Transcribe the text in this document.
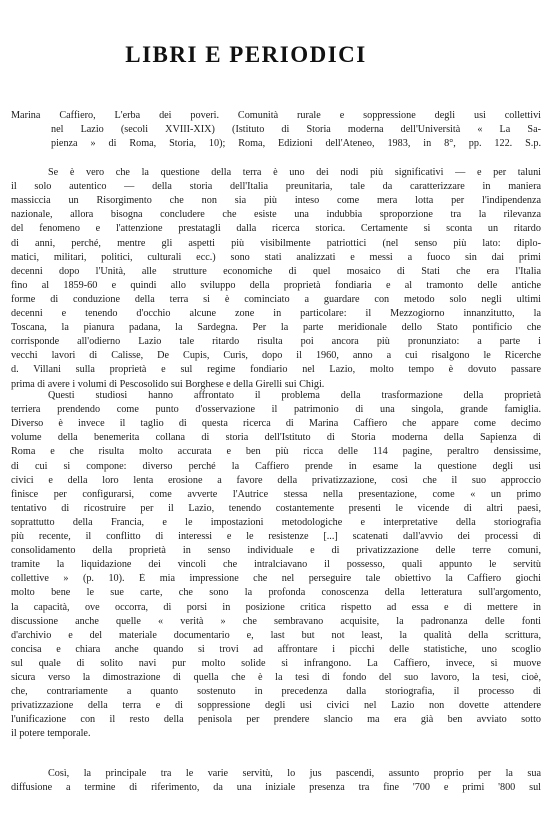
LIBRI E PERIODICI
Marina Caffiero, L'erba dei poveri. Comunità rurale e soppressione degli usi collettivi
nel Lazio (secoli XVIII-XIX) (Istituto di Storia moderna dell'Università « La Sa-
pienza » di Roma, Storia, 10); Roma, Edizioni dell'Ateneo, 1983, in 8°, pp. 122. S.p.
Se è vero che la questione della terra è uno dei nodi più significativi — e per taluni
il solo autentico — della storia dell'Italia preunitaria, tale da caratterizzare in maniera
massiccia un Risorgimento che non sia più inteso come mera lotta per l'indipendenza
nazionale, allora bisogna concludere che esiste una indubbia sproporzione tra la rilevanza
del fenomeno e l'attenzione prestatagli dalla ricerca storica. Certamente si sconta un ritardo
di anni, perché, mentre gli aspetti più visibilmente patriottici (nel senso più lato: diplo-
matici, militari, politici, culturali ecc.) sono stati analizzati e messi a fuoco sin dai primi
decenni dopo l'Unità, alle strutture economiche di quel mosaico di Stati che era l'Italia
fino al 1859-60 e quindi allo sviluppo della proprietà fondiaria e al tramonto delle antiche
forme di conduzione della terra si è cominciato a guardare con metodo solo negli ultimi
decenni e tenendo d'occhio alcune zone in particolare: il Mezzogiorno innanzitutto, la
Toscana, la pianura padana, la Sardegna. Per la parte meridionale dello Stato pontificio che
corrisponde all'odierno Lazio tale ritardo risulta poi ancora più pronunziato: a parte i
vecchi lavori di Calisse, De Cupis, Curis, dopo il 1960, anno a cui risalgono le Ricerche
d. Villani sulla proprietà e sul regime fondiario nel Lazio, molto tempo è dovuto passare
prima di avere i volumi di Pescosolido sui Borghese e della Girelli sui Chigi.
Questi studiosi hanno affrontato il problema della trasformazione della proprietà
terriera prendendo come punto d'osservazione il patrimonio di una singola, grande famiglia.
Diverso è invece il taglio di questa ricerca di Marina Caffiero che appare come decimo
volume della benemerita collana di storia dell'Istituto di Storia moderna della Sapienza di
Roma e che risulta molto accurata e ben più ricca delle 114 pagine, peraltro densissime,
di cui si compone: diverso perché la Caffiero prende in esame la questione degli usi
civici e della loro lenta erosione a favore della privatizzazione, così che il suo approccio
finisce per configurarsi, come avverte l'Autrice stessa nella presentazione, come « un primo
tentativo di ricostruire per il Lazio, tenendo costantemente presenti le vicende di altri paesi,
soprattutto della Francia, e le impostazioni metodologiche e interpretative della storiografia
più recente, il conflitto di interessi e le resistenze [...] scatenati dall'avvio dei processi di
consolidamento della proprietà in senso individuale e di privatizzazione delle terre comuni,
tramite la liquidazione dei vincoli che intralciavano il possesso, quali appunto le servitù
collettive » (p. 10). È mia impressione che nel perseguire tale obiettivo la Caffiero giochi
molto bene le sue carte, che sono la profonda conoscenza della letteratura sull'argomento,
la capacità, ove occorra, di porsi in posizione critica rispetto ad essa e di mettere in
discussione anche quelle « verità » che sembravano acquisite, la padronanza delle fonti
d'archivio e del materiale documentario e, last but not least, la qualità della scrittura,
concisa e chiara anche quando si trovi ad affrontare i picchi delle statistiche, uno scoglio
sul quale di solito navi pur molto solide si infrangono. La Caffiero, invece, si muove
sicura verso la dimostrazione di quella che è la tesi di fondo del suo lavoro, la tesi, cioè,
che, contrariamente a quanto sostenuto in precedenza dalla storiografia, il processo di
privatizzazione della terra e di soppressione degli usi civici nel Lazio non dovette attendere
l'unificazione con il resto della penisola per prendere slancio ma era già ben avviato sotto
il potere temporale.
Così, la principale tra le varie servitù, lo jus pascendi, assunto proprio per la sua
diffusione a termine di riferimento, da una iniziale presenza tra fine '700 e primi '800 sul
